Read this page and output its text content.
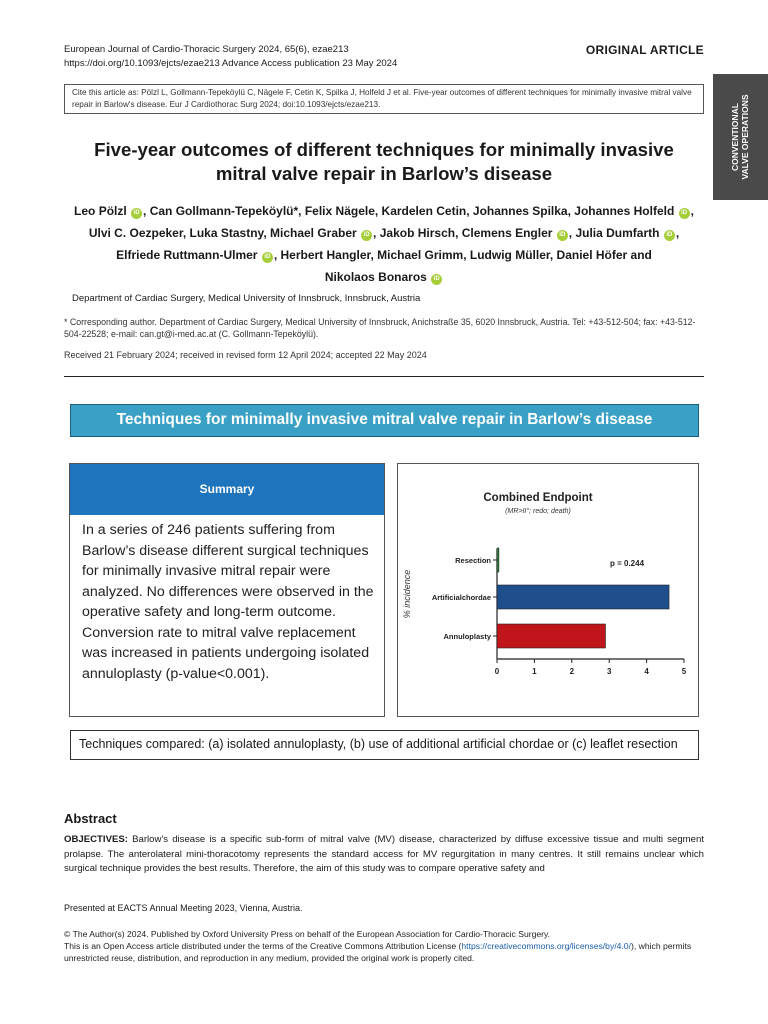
European Journal of Cardio-Thoracic Surgery 2024, 65(6), ezae213
https://doi.org/10.1093/ejcts/ezae213 Advance Access publication 23 May 2024
ORIGINAL ARTICLE
CONVENTIONAL VALVE OPERATIONS
Cite this article as: Pölzl L, Gollmann-Tepeköylü C, Nägele F, Cetin K, Spilka J, Holfeld J et al. Five-year outcomes of different techniques for minimally invasive mitral valve repair in Barlow's disease. Eur J Cardiothorac Surg 2024; doi:10.1093/ejcts/ezae213.
Five-year outcomes of different techniques for minimally invasive
mitral valve repair in Barlow’s disease
Leo Pölzl iD , Can Gollmann-Tepeköylü*, Felix Nägele, Kardelen Cetin, Johannes Spilka, Johannes Holfeld iD ,
Ulvi C. Oezpeker, Luka Stastny, Michael Graber iD , Jakob Hirsch, Clemens Engler iD , Julia Dumfarth iD ,
Elfriede Ruttmann-Ulmer iD , Herbert Hangler, Michael Grimm, Ludwig Müller, Daniel Höfer and
Nikolaos Bonaros iD
Department of Cardiac Surgery, Medical University of Innsbruck, Innsbruck, Austria
* Corresponding author. Department of Cardiac Surgery, Medical University of Innsbruck, Anichstraße 35, 6020 Innsbruck, Austria. Tel: +43-512-504; fax: +43-512-504-22528; e-mail: can.gt@i-med.ac.at (C. Gollmann-Tepeköylü).
Received 21 February 2024; received in revised form 12 April 2024; accepted 22 May 2024
Techniques for minimally invasive mitral valve repair in Barlow’s disease
Summary
In a series of 246 patients suffering from Barlow’s disease different surgical techniques for minimally invasive mitral repair were analyzed. No differences were observed in the operative safety and long-term outcome. Conversion rate to mitral valve replacement was increased in patients undergoing isolated annuloplasty (p-value<0.001).
Combined Endpoint
(MR>II°; redo; death)
% incidence
p = 0.244
Resection
Artificialchordae
Annuloplasty
0	1	2	3	4	5
Techniques compared: (a) isolated annuloplasty, (b) use of additional artificial chordae or (c) leaflet resection
Abstract
OBJECTIVES: Barlow's disease is a specific sub-form of mitral valve (MV) disease, characterized by diffuse excessive tissue and multi segment prolapse. The anterolateral mini-thoracotomy represents the standard access for MV regurgitation in many centres. It still remains unclear which surgical technique provides the best results. Therefore, the aim of this study was to compare operative safety and
Presented at EACTS Annual Meeting 2023, Vienna, Austria.
© The Author(s) 2024. Published by Oxford University Press on behalf of the European Association for Cardio-Thoracic Surgery.
This is an Open Access article distributed under the terms of the Creative Commons Attribution License (https://creativecommons.org/licenses/by/4.0/), which permits unrestricted reuse, distribution, and reproduction in any medium, provided the original work is properly cited.
